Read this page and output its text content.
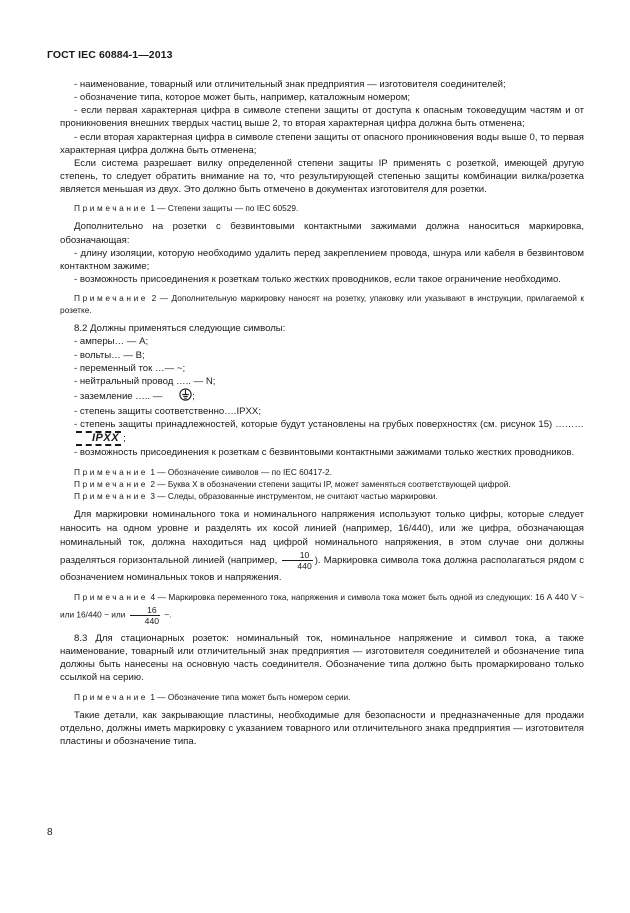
ГОСТ IEC 60884-1—2013

- наименование, товарный или отличительный знак предприятия — изготовителя соединителей;

- обозначение типа, которое может быть, например, каталожным номером;

- если первая характерная цифра в символе степени защиты от доступа к опасным токоведущим частям и от проникновения внешних твердых частиц выше 2, то вторая характерная цифра должна быть отменена;

- если вторая характерная цифра в символе степени защиты от опасного проникновения воды выше 0, то первая характерная цифра должна быть отменена;

Если система разрешает вилку определенной степени защиты IP применять с розеткой, имеющей другую степень, то следует обратить внимание на то, что результирующей степенью защиты комбинации вилка/розетка является меньшая из двух. Это должно быть отмечено в документах изготовителя для розетки.

Примечание 1 — Степени защиты — по IEC 60529.

Дополнительно на розетки с безвинтовыми контактными зажимами должна наноситься маркировка, обозначающая:

- длину изоляции, которую необходимо удалить перед закреплением провода, шнура или кабеля в безвинтовом контактном зажиме;

- возможность присоединения к розеткам только жестких проводников, если такое ограничение необходимо.

Примечание 2 — Дополнительную маркировку наносят на розетку, упаковку или указывают в инструкции, прилагаемой к розетке.

8.2 Должны применяться следующие символы:

- амперы… — А;

- вольты… — В;

- переменный ток …— ~;

- нейтральный провод ….. — N;

- заземление ….. —	;

- степень защиты соответственно….IPXX;

- степень защиты принадлежностей, которые будут установлены на грубых поверхностях (см. рисунок 15) ……… IPXX ;

- возможность присоединения к розеткам с безвинтовыми контактными зажимами только жестких проводников.

Примечание 1 — Обозначение символов — по IEC 60417-2.

Примечание 2 — Буква X в обозначении степени защиты IP, может заменяться соответствующей цифрой.

Примечание 3 — Следы, образованные инструментом, не считают частью маркировки.

Для маркировки номинального тока и номинального напряжения используют только цифры, которые следует наносить на одном уровне и разделять их косой линией (например, 16/440), или же цифра, обозначающая номинальный ток, должна находиться над цифрой номинального напряжения, в этом случае они должны разделяться горизонтальной линией (например, $\frac{10}{440}$ ). Маркировка символа тока должна располагаться рядом с обозначением номинальных токов и напряжения.

Примечание 4 — Маркировка переменного тока, напряжения и символа тока может быть одной из следующих: 16 А 440 V ~ или 16/440 ~ или $\frac{16}{440}$ ~.

8.3 Для стационарных розеток: номинальный ток, номинальное напряжение и символ тока, а также наименование, товарный или отличительный знак предприятия — изготовителя соединителей и обозначение типа должны быть нанесены на основную часть соединителя. Обозначение типа должно быть промаркировано только ссылкой на серию.

Примечание 1 — Обозначение типа может быть номером серии.

Такие детали, как закрывающие пластины, необходимые для безопасности и предназначенные для продажи отдельно, должны иметь маркировку с указанием товарного или отличительного знака предприятия — изготовителя пластины и обозначение типа.

8
